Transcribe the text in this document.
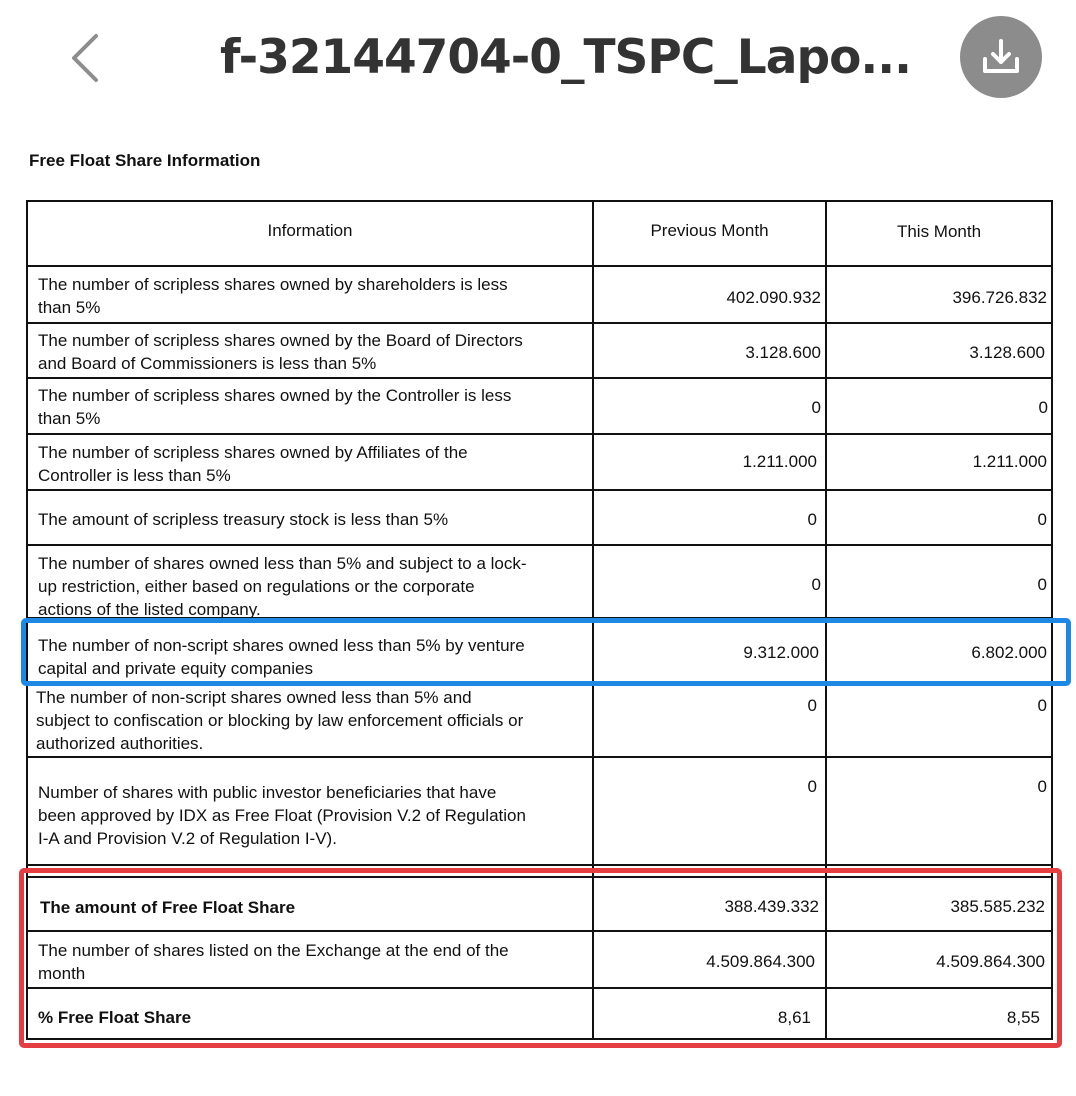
f-32144704-0_TSPC_Lapo...
Free Float Share Information
Information	Previous Month	This Month
The number of scripless shares owned by shareholders is less
than 5%
402.090.932	396.726.832
The number of scripless shares owned by the Board of Directors
and Board of Commissioners is less than 5%
3.128.600	3.128.600
The number of scripless shares owned by the Controller is less
than 5%
0	0
The number of scripless shares owned by Affiliates of the
Controller is less than 5%
1.211.000	1.211.000
The amount of scripless treasury stock is less than 5%	0	0
The number of shares owned less than 5% and subject to a lock-
up restriction, either based on regulations or the corporate
actions of the listed company.
0	0
The number of non-script shares owned less than 5% by venture
capital and private equity companies
9.312.000	6.802.000
The number of non-script shares owned less than 5% and
subject to confiscation or blocking by law enforcement officials or
authorized authorities.
0	0
Number of shares with public investor beneficiaries that have
been approved by IDX as Free Float (Provision V.2 of Regulation
I-A and Provision V.2 of Regulation I-V).
0	0
The amount of Free Float Share	388.439.332	385.585.232
The number of shares listed on the Exchange at the end of the
month
4.509.864.300	4.509.864.300
% Free Float Share	8,61	8,55
